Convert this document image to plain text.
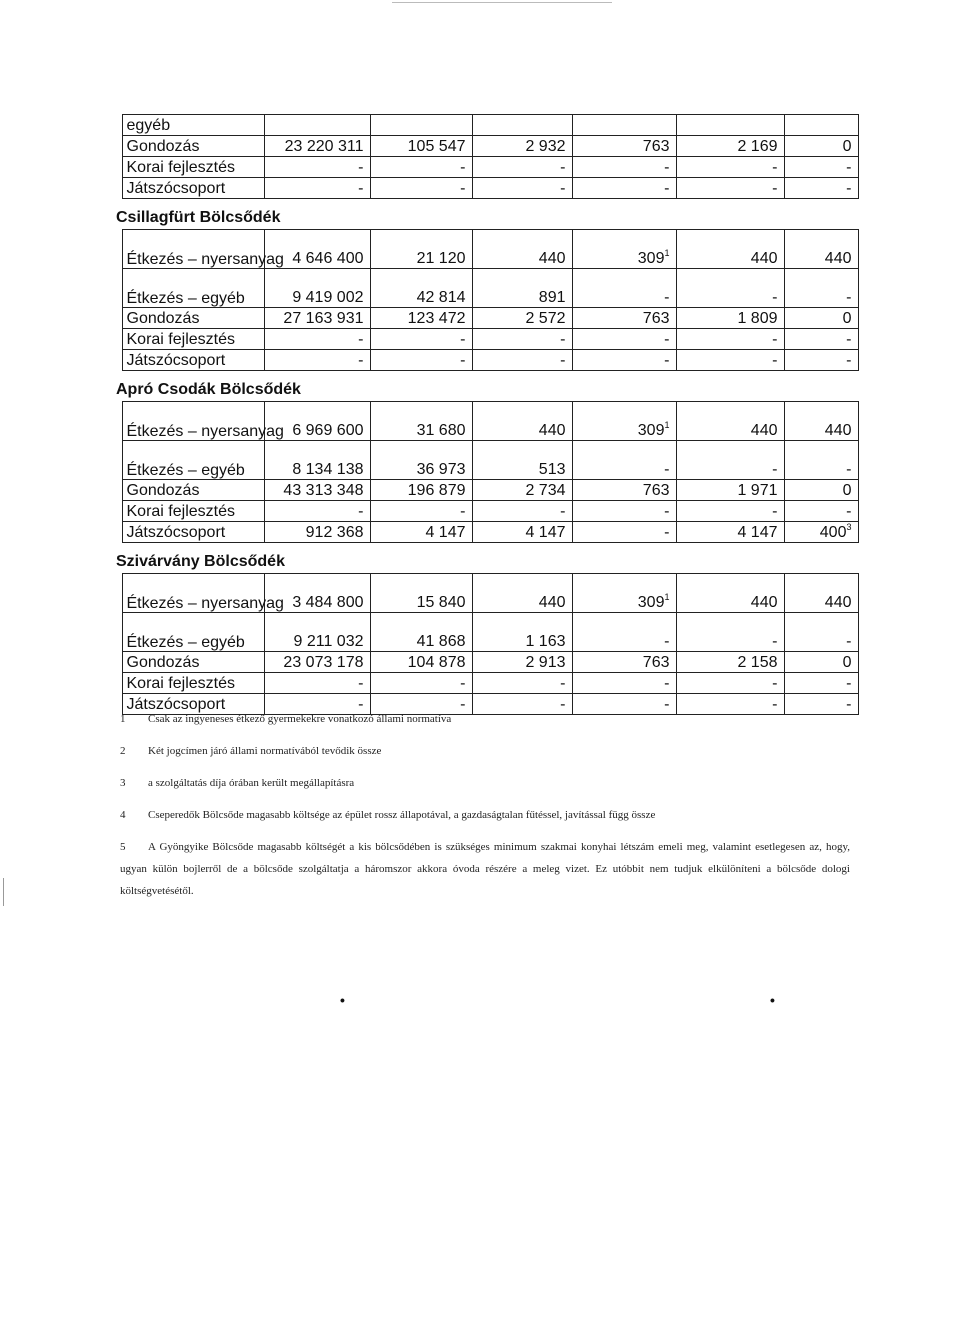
	egyéb						
	Gondozás	23 220 311	105 547	2 932	763	2 169	0
	Korai fejlesztés	-	-	-	-	-	-
	Játszócsoport	-	-	-	-	-	-
Csillagfürt Bölcsődék							
	Étkezés – nyersanyag	4 646 400	21 120	440	$309^1$	440	440
	Étkezés – egyéb	9 419 002	42 814	891	-	-	-
	Gondozás	27 163 931	123 472	2 572	763	1 809	0
	Korai fejlesztés	-	-	-	-	-	-
	Játszócsoport	-	-	-	-	-	-
Apró Csodák Bölcsődék							
	Étkezés – nyersanyag	6 969 600	31 680	440	$309^1$	440	440
	Étkezés – egyéb	8 134 138	36 973	513	-	-	-
	Gondozás	43 313 348	196 879	2 734	763	1 971	0
	Korai fejlesztés	-	-	-	-	-	-
	Játszócsoport	912 368	4 147	4 147	-	4 147	$400^3$
Szivárvány Bölcsődék							
	Étkezés – nyersanyag	3 484 800	15 840	440	$309^1$	440	440
	Étkezés – egyéb	9 211 032	41 868	1 163	-	-	-
	Gondozás	23 073 178	104 878	2 913	763	2 158	0
	Korai fejlesztés	-	-	-	-	-	-
	Játszócsoport	-	-	-	-	-	-
1 Csak az ingyeneses étkező gyermekekre vonatkozó állami normatíva
2 Két jogcímen járó állami normatívából tevődik össze
3 a szolgáltatás díja órában került megállapításra
4 Cseperedők Bölcsőde magasabb költsége az épület rossz állapotával, a gazdaságtalan fűtéssel, javítással függ össze
5 A Gyöngyike Bölcsőde magasabb költségét a kis bölcsődében is szükséges minimum szakmai konyhai létszám emeli meg, valamint esetlegesen az, hogy, ugyan külön bojlerről de a bölcsőde szolgáltatja a háromszor akkora óvoda részére a meleg vizet. Ez utóbbit nem tudjuk elkülöníteni a bölcsőde dologi költségvetésétől.
•	•
